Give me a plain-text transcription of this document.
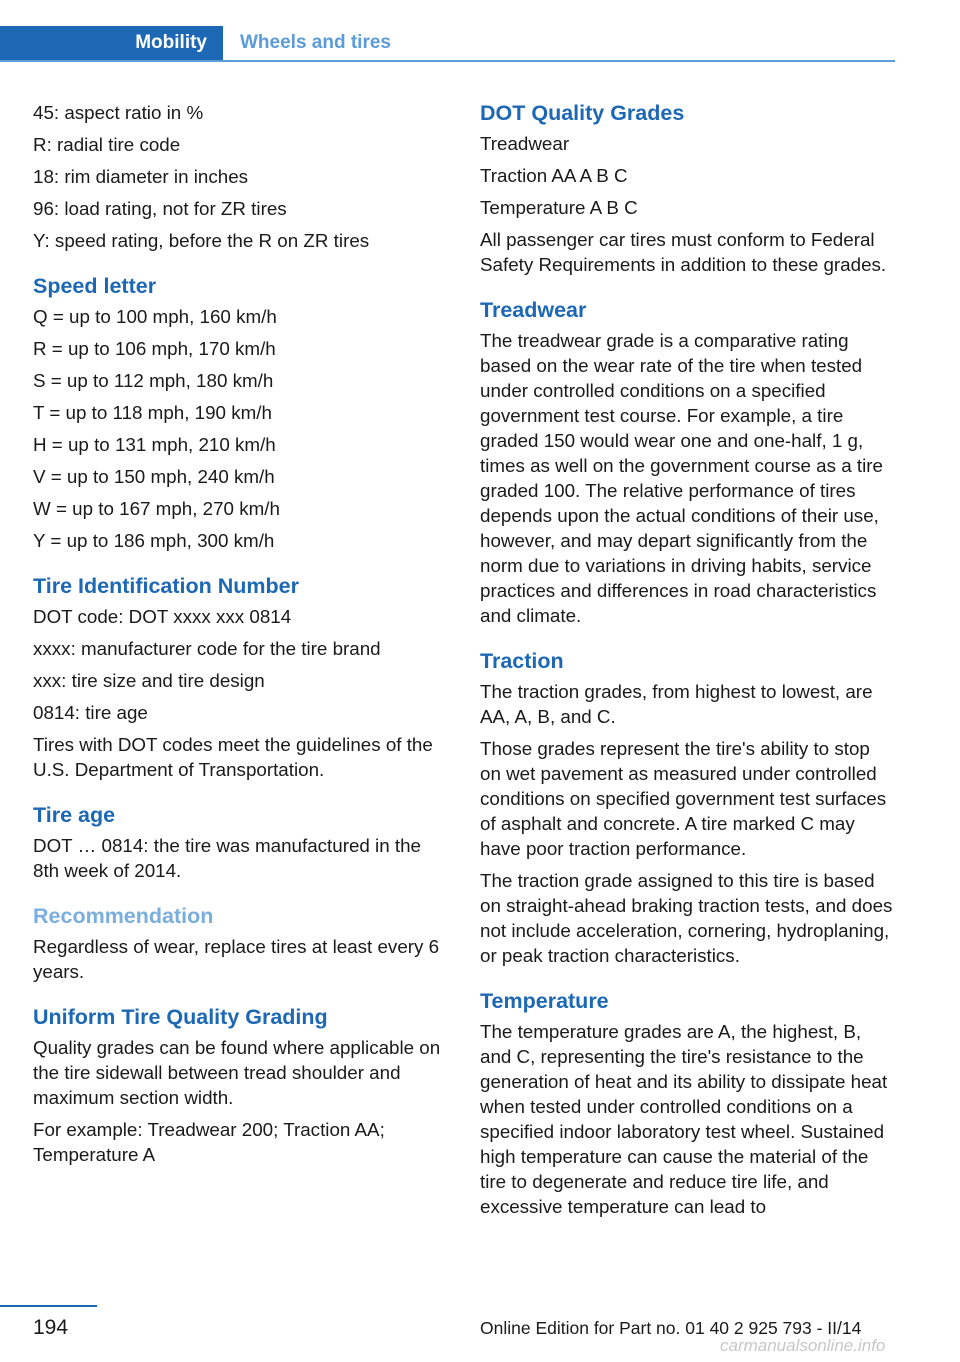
Mobility Wheels and tires

45: aspect ratio in %

R: radial tire code

18: rim diameter in inches

96: load rating, not for ZR tires

Y: speed rating, before the R on ZR tires

Speed letter

Q = up to 100 mph, 160 km/h

R = up to 106 mph, 170 km/h

S = up to 112 mph, 180 km/h

T = up to 118 mph, 190 km/h

H = up to 131 mph, 210 km/h

V = up to 150 mph, 240 km/h

W = up to 167 mph, 270 km/h

Y = up to 186 mph, 300 km/h

Tire Identification Number

DOT code: DOT xxxx xxx 0814

xxxx: manufacturer code for the tire brand

xxx: tire size and tire design

0814: tire age

Tires with DOT codes meet the guidelines of the U.S. Department of Transportation.

Tire age

DOT … 0814: the tire was manufactured in the 8th week of 2014.

Recommendation

Regardless of wear, replace tires at least every 6 years.

Uniform Tire Quality Grading

Quality grades can be found where applicable on the tire sidewall between tread shoulder and maximum section width.

For example: Treadwear 200; Traction AA; Temperature A

DOT Quality Grades

Treadwear

Traction AA A B C

Temperature A B C

All passenger car tires must conform to Federal Safety Requirements in addition to these grades.

Treadwear

The treadwear grade is a comparative rating based on the wear rate of the tire when tested under controlled conditions on a specified government test course. For example, a tire graded 150 would wear one and one-half, 1 g, times as well on the government course as a tire graded 100. The relative performance of tires depends upon the actual conditions of their use, however, and may depart significantly from the norm due to variations in driving habits, service practices and differences in road characteristics and climate.

Traction

The traction grades, from highest to lowest, are AA, A, B, and C.

Those grades represent the tire's ability to stop on wet pavement as measured under controlled conditions on specified government test surfaces of asphalt and concrete. A tire marked C may have poor traction performance.

The traction grade assigned to this tire is based on straight-ahead braking traction tests, and does not include acceleration, cornering, hydroplaning, or peak traction characteristics.

Temperature

The temperature grades are A, the highest, B, and C, representing the tire's resistance to the generation of heat and its ability to dissipate heat when tested under controlled conditions on a specified indoor laboratory test wheel. Sustained high temperature can cause the material of the tire to degenerate and reduce tire life, and excessive temperature can lead to

194	Online Edition for Part no. 01 40 2 925 793 - II/14
carmanualsonline.info
